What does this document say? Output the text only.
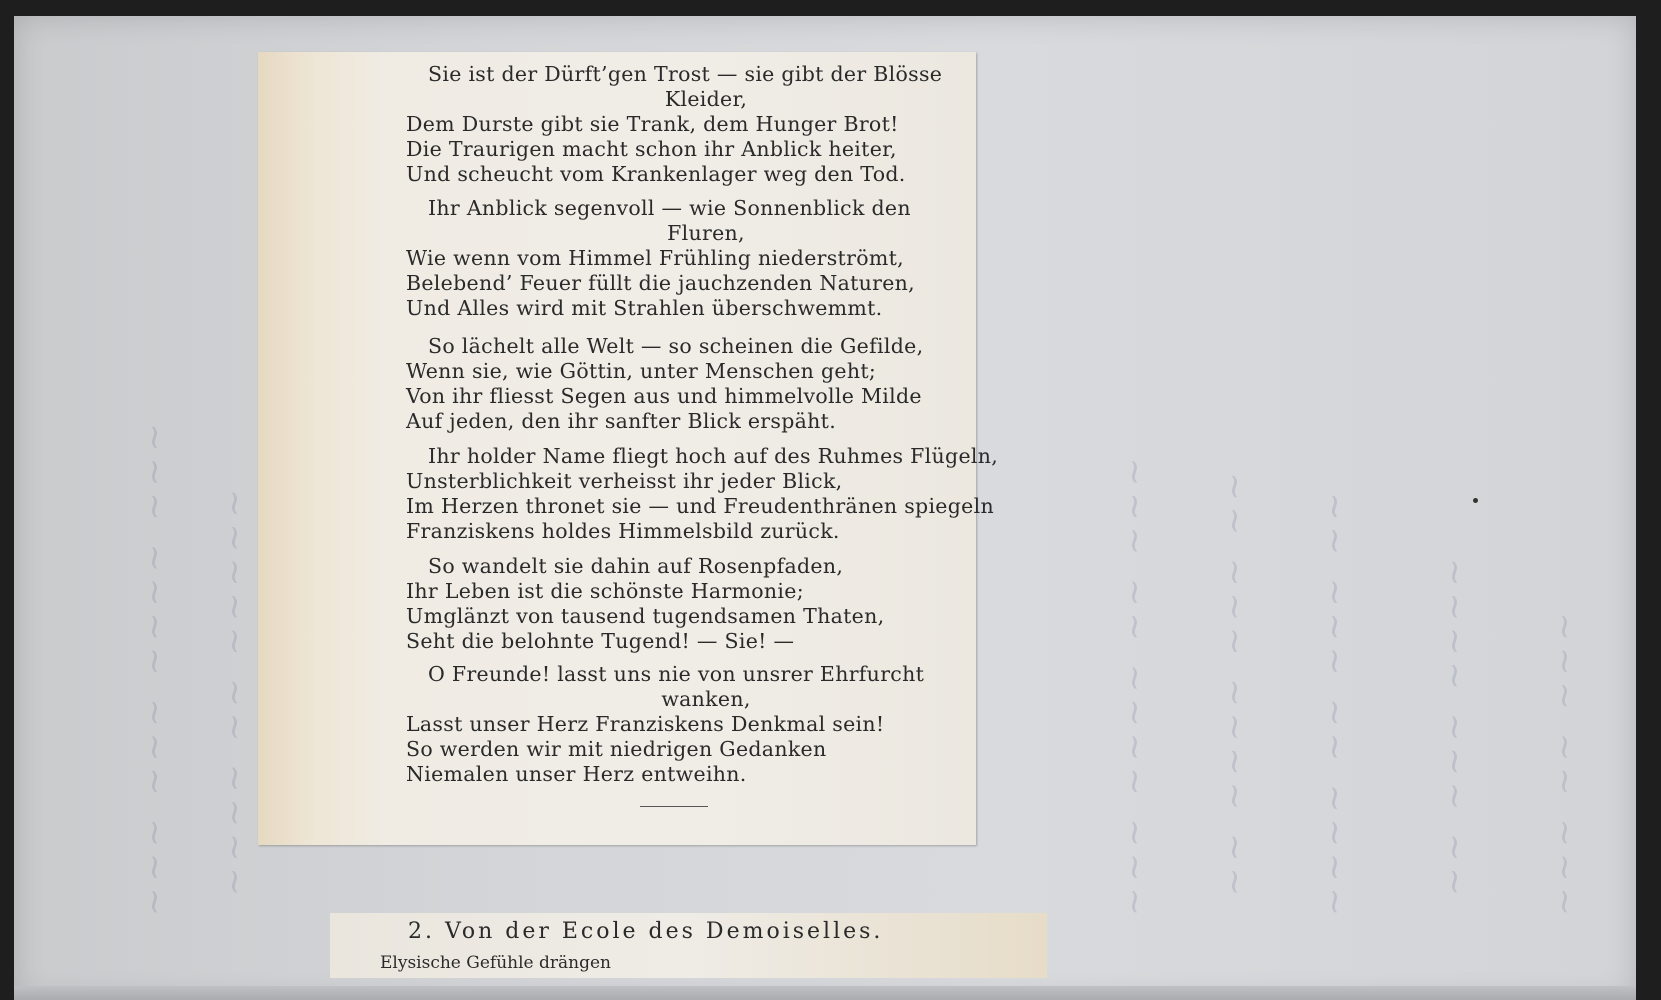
~~~ ~~~ ~~~~ ~~~ ~~~~ ~~ ~~~~~	~~~ ~~~~ ~~ ~~~ ~~ ~~~~ ~~~ ~~ ~~~~ ~~ ~~~ ~~ ~~ ~~~ ~~~~ ~~~ ~~ ~~~
Sie ist der Dürft’gen Trost — sie gibt der Blösse
Kleider,
Dem Durste gibt sie Trank, dem Hunger Brot!
Die Traurigen macht schon ihr Anblick heiter,
Und scheucht vom Krankenlager weg den Tod.
Ihr Anblick segenvoll — wie Sonnenblick den
Fluren,
Wie wenn vom Himmel Frühling niederströmt,
Belebend’ Feuer füllt die jauchzenden Naturen,
Und Alles wird mit Strahlen überschwemmt.
So lächelt alle Welt — so scheinen die Gefilde,
Wenn sie, wie Göttin, unter Menschen geht;
Von ihr fliesst Segen aus und himmelvolle Milde
Auf jeden, den ihr sanfter Blick erspäht.
Ihr holder Name fliegt hoch auf des Ruhmes Flügeln,
Unsterblichkeit verheisst ihr jeder Blick,
Im Herzen thronet sie — und Freudenthränen spiegeln
Franziskens holdes Himmelsbild zurück.
So wandelt sie dahin auf Rosenpfaden,
Ihr Leben ist die schönste Harmonie;
Umglänzt von tausend tugendsamen Thaten,
Seht die belohnte Tugend! — Sie! —
O Freunde! lasst uns nie von unsrer Ehrfurcht
wanken,
Lasst unser Herz Franziskens Denkmal sein!
So werden wir mit niedrigen Gedanken
Niemalen unser Herz entweihn.
2. Von der Ecole des Demoiselles.
Elysische Gefühle drängen
